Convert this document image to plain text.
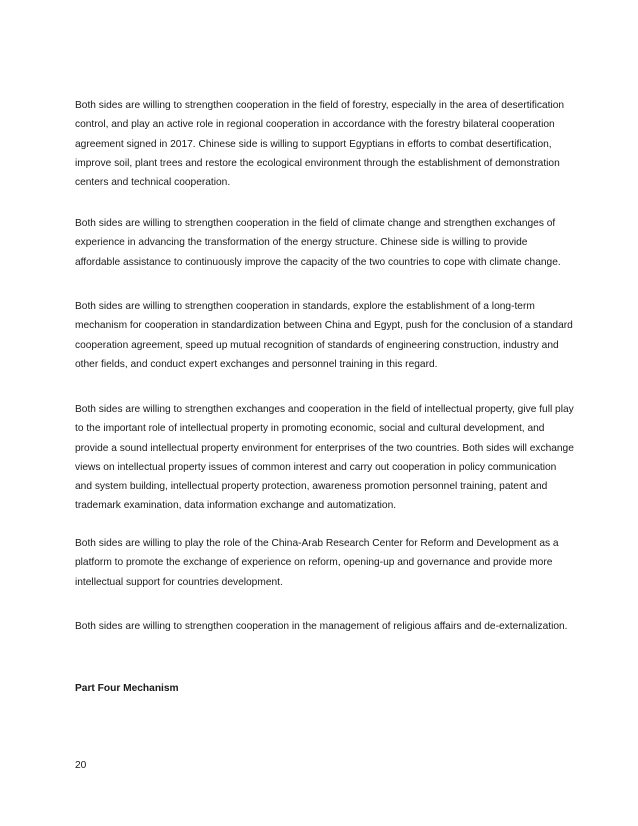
Both sides are willing to strengthen cooperation in the field of forestry, especially in the area of desertification control, and play an active role in regional cooperation in accordance with the forestry bilateral cooperation agreement signed in 2017. Chinese side is willing to support Egyptians in efforts to combat desertification, improve soil, plant trees and restore the ecological environment through the establishment of demonstration centers and technical cooperation.

Both sides are willing to strengthen cooperation in the field of climate change and strengthen exchanges of experience in advancing the transformation of the energy structure. Chinese side is willing to provide affordable assistance to continuously improve the capacity of the two countries to cope with climate change.

Both sides are willing to strengthen cooperation in standards, explore the establishment of a long-term mechanism for cooperation in standardization between China and Egypt, push for the conclusion of a standard cooperation agreement, speed up mutual recognition of standards of engineering construction, industry and other fields, and conduct expert exchanges and personnel training in this regard.

Both sides are willing to strengthen exchanges and cooperation in the field of intellectual property, give full play to the important role of intellectual property in promoting economic, social and cultural development, and provide a sound intellectual property environment for enterprises of the two countries. Both sides will exchange views on intellectual property issues of common interest and carry out cooperation in policy communication and system building, intellectual property protection, awareness promotion personnel training, patent and trademark examination, data information exchange and automatization.

Both sides are willing to play the role of the China-Arab Research Center for Reform and Development as a platform to promote the exchange of experience on reform, opening-up and governance and provide more intellectual support for countries development.

Both sides are willing to strengthen cooperation in the management of religious affairs and de-externalization.

Part Four Mechanism

20
